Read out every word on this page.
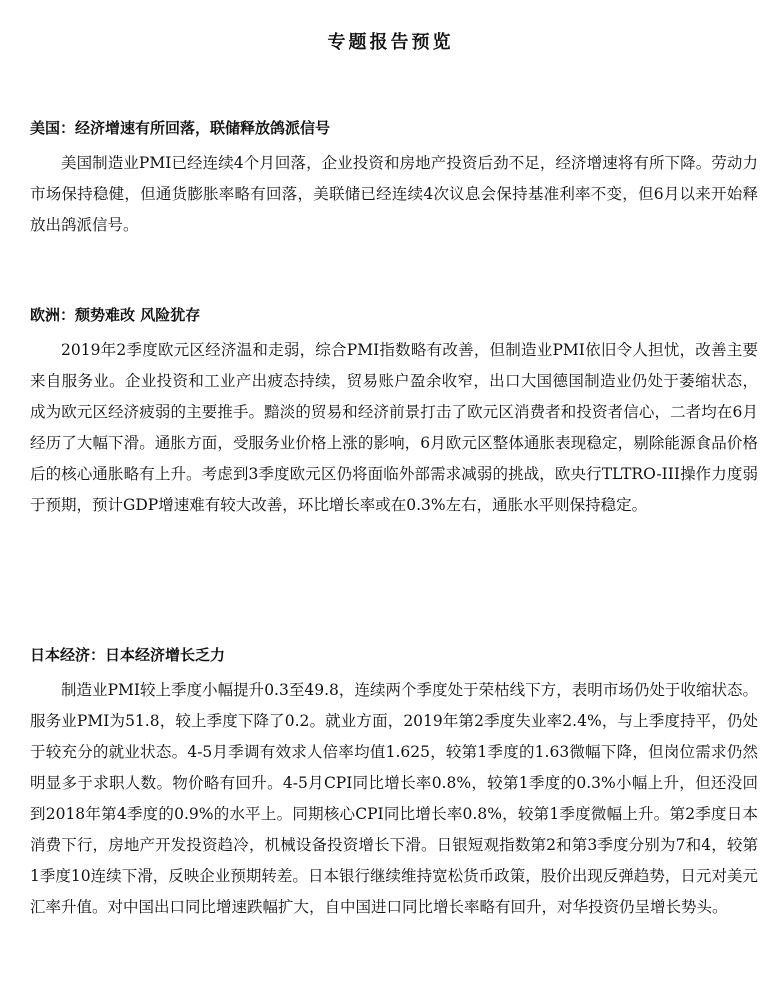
专题报告预览
美国：经济增速有所回落，联储释放鸽派信号

美国制造业PMI已经连续4个月回落，企业投资和房地产投资后劲不足，经济增速将有所下降。劳动力市场保持稳健，但通货膨胀率略有回落，美联储已经连续4次议息会保持基准利率不变，但6月以来开始释放出鸽派信号。

欧洲：颓势难改 风险犹存

2019年2季度欧元区经济温和走弱，综合PMI指数略有改善，但制造业PMI依旧令人担忧，改善主要来自服务业。企业投资和工业产出疲态持续，贸易账户盈余收窄，出口大国德国制造业仍处于萎缩状态，成为欧元区经济疲弱的主要推手。黯淡的贸易和经济前景打击了欧元区消费者和投资者信心，二者均在6月经历了大幅下滑。通胀方面，受服务业价格上涨的影响，6月欧元区整体通胀表现稳定，剔除能源食品价格后的核心通胀略有上升。考虑到3季度欧元区仍将面临外部需求减弱的挑战，欧央行TLTRO-III操作力度弱于预期，预计GDP增速难有较大改善，环比增长率或在0.3%左右，通胀水平则保持稳定。

日本经济：日本经济增长乏力

制造业PMI较上季度小幅提升0.3至49.8，连续两个季度处于荣枯线下方，表明市场仍处于收缩状态。服务业PMI为51.8，较上季度下降了0.2。就业方面，2019年第2季度失业率2.4%，与上季度持平，仍处于较充分的就业状态。4-5月季调有效求人倍率均值1.625，较第1季度的1.63微幅下降，但岗位需求仍然明显多于求职人数。物价略有回升。4-5月CPI同比增长率0.8%，较第1季度的0.3%小幅上升，但还没回到2018年第4季度的0.9%的水平上。同期核心CPI同比增长率0.8%，较第1季度微幅上升。第2季度日本消费下行，房地产开发投资趋冷，机械设备投资增长下滑。日银短观指数第2和第3季度分别为7和4，较第1季度10连续下滑，反映企业预期转差。日本银行继续维持宽松货币政策，股价出现反弹趋势，日元对美元汇率升值。对中国出口同比增速跌幅扩大，自中国进口同比增长率略有回升，对华投资仍呈增长势头。
